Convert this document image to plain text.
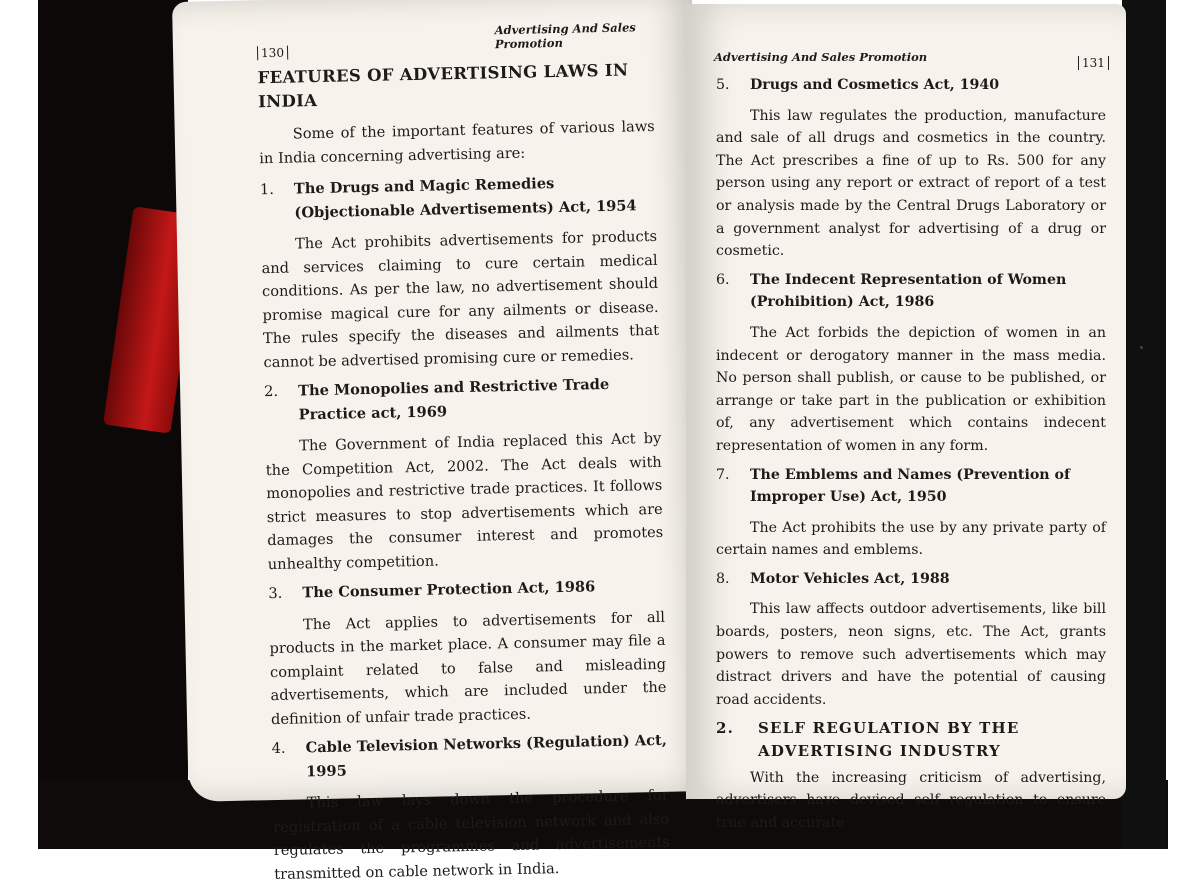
Advertising And Sales Promotion
130
FEATURES OF ADVERTISING LAWS IN INDIA

Some of the important features of various laws in India concerning advertising are:

1.	The Drugs and Magic Remedies (Objectionable Advertisements) Act, 1954

The Act prohibits advertisements for products and services claiming to cure certain medical conditions. As per the law, no advertisement should promise magical cure for any ailments or disease. The rules specify the diseases and ailments that cannot be advertised promising cure or remedies.

2.	The Monopolies and Restrictive Trade Practice act, 1969

The Government of India replaced this Act by the Competition Act, 2002. The Act deals with monopolies and restrictive trade practices. It follows strict measures to stop advertisements which are damages the consumer interest and promotes unhealthy competition.

3.	The Consumer Protection Act, 1986

The Act applies to advertisements for all products in the market place. A consumer may file a complaint related to false and misleading advertisements, which are included under the definition of unfair trade practices.

4.	Cable Television Networks (Regulation) Act, 1995

This law lays down the procedure for registration of a cable television network and also regulates the programmes and advertisements transmitted on cable network in India.

Advertising And Sales Promotion	131
5.	Drugs and Cosmetics Act, 1940

This law regulates the production, manufacture and sale of all drugs and cosmetics in the country. The Act prescribes a fine of up to Rs. 500 for any person using any report or extract of report of a test or analysis made by the Central Drugs Laboratory or a government analyst for advertising of a drug or cosmetic.

6.	The Indecent Representation of Women (Prohibition) Act, 1986

The Act forbids the depiction of women in an indecent or derogatory manner in the mass media. No person shall publish, or cause to be published, or arrange or take part in the publication or exhibition of, any advertisement which contains indecent representation of women in any form.

7.	The Emblems and Names (Prevention of Improper Use) Act, 1950

The Act prohibits the use by any private party of certain names and emblems.

8.	Motor Vehicles Act, 1988

This law affects outdoor advertisements, like bill boards, posters, neon signs, etc. The Act, grants powers to remove such advertisements which may distract drivers and have the potential of causing road accidents.

2.	SELF REGULATION BY THE ADVERTISING INDUSTRY

With the increasing criticism of advertising, advertisers have devised self regulation to ensure true and accurate
